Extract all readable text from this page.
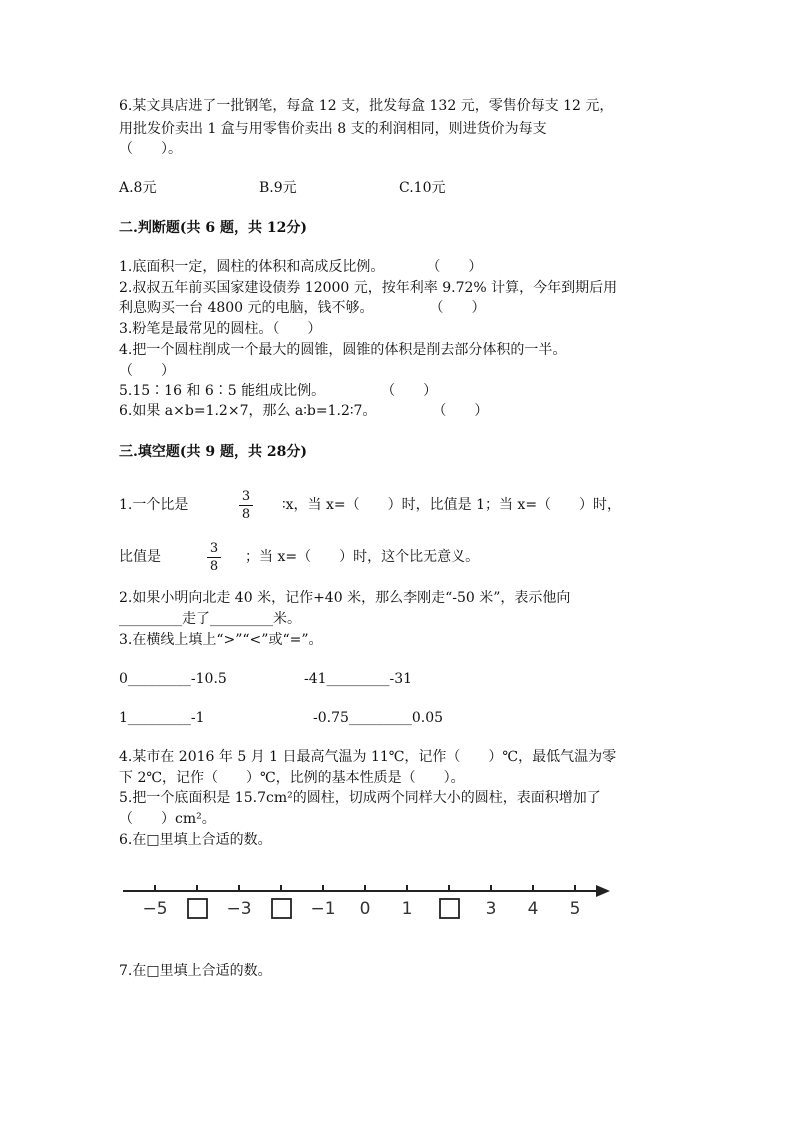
6.某文具店进了一批钢笔，每盒 12 支，批发每盒 132 元，零售价每支 12 元，
用批发价卖出 1 盒与用零售价卖出 8 支的利润相同，则进货价为每支
（　　）。
A.8元	B.9元	C.10元
二.判断题(共 6 题，共 12分)
1.底面积一定，圆柱的体积和高成反比例。　　　　（　　）
2.叔叔五年前买国家建设债券 12000 元，按年利率 9.72% 计算，今年到期后用
利息购买一台 4800 元的电脑，钱不够。　　　　　（　　）
3.粉笔是最常见的圆柱。（　　）
4.把一个圆柱削成一个最大的圆锥，圆锥的体积是削去部分体积的一半。
（　　）
5.15∶16 和 6∶5 能组成比例。　　　　　（　　）
6.如果 a×b=1.2×7，那么 a∶b=1.2∶7。　　　　　（　　）
三.填空题(共 9 题，共 28分)
1.一个比是
3
8
∶x，当 x=（　　）时，比值是 1；当 x=（　　）时，
比值是
3
8
；当 x=（　　）时，这个比无意义。
2.如果小明向北走 40 米，记作+40 米，那么李刚走“-50 米”，表示他向
_________走了_________米。
3.在横线上填上“>”“<”或“=”。
0_________-10.5	-41_________-31
1_________-1	-0.75_________0.05
4.某市在 2016 年 5 月 1 日最高气温为 11℃，记作（　　）℃，最低气温为零
下 2℃，记作（　　）℃，比例的基本性质是（　　）。
5.把一个底面积是 15.7cm²的圆柱，切成两个同样大小的圆柱，表面积增加了
（　　）cm²。
6.在□里填上合适的数。
−5	−3	−1 0 1	3 4 5
7.在□里填上合适的数。
